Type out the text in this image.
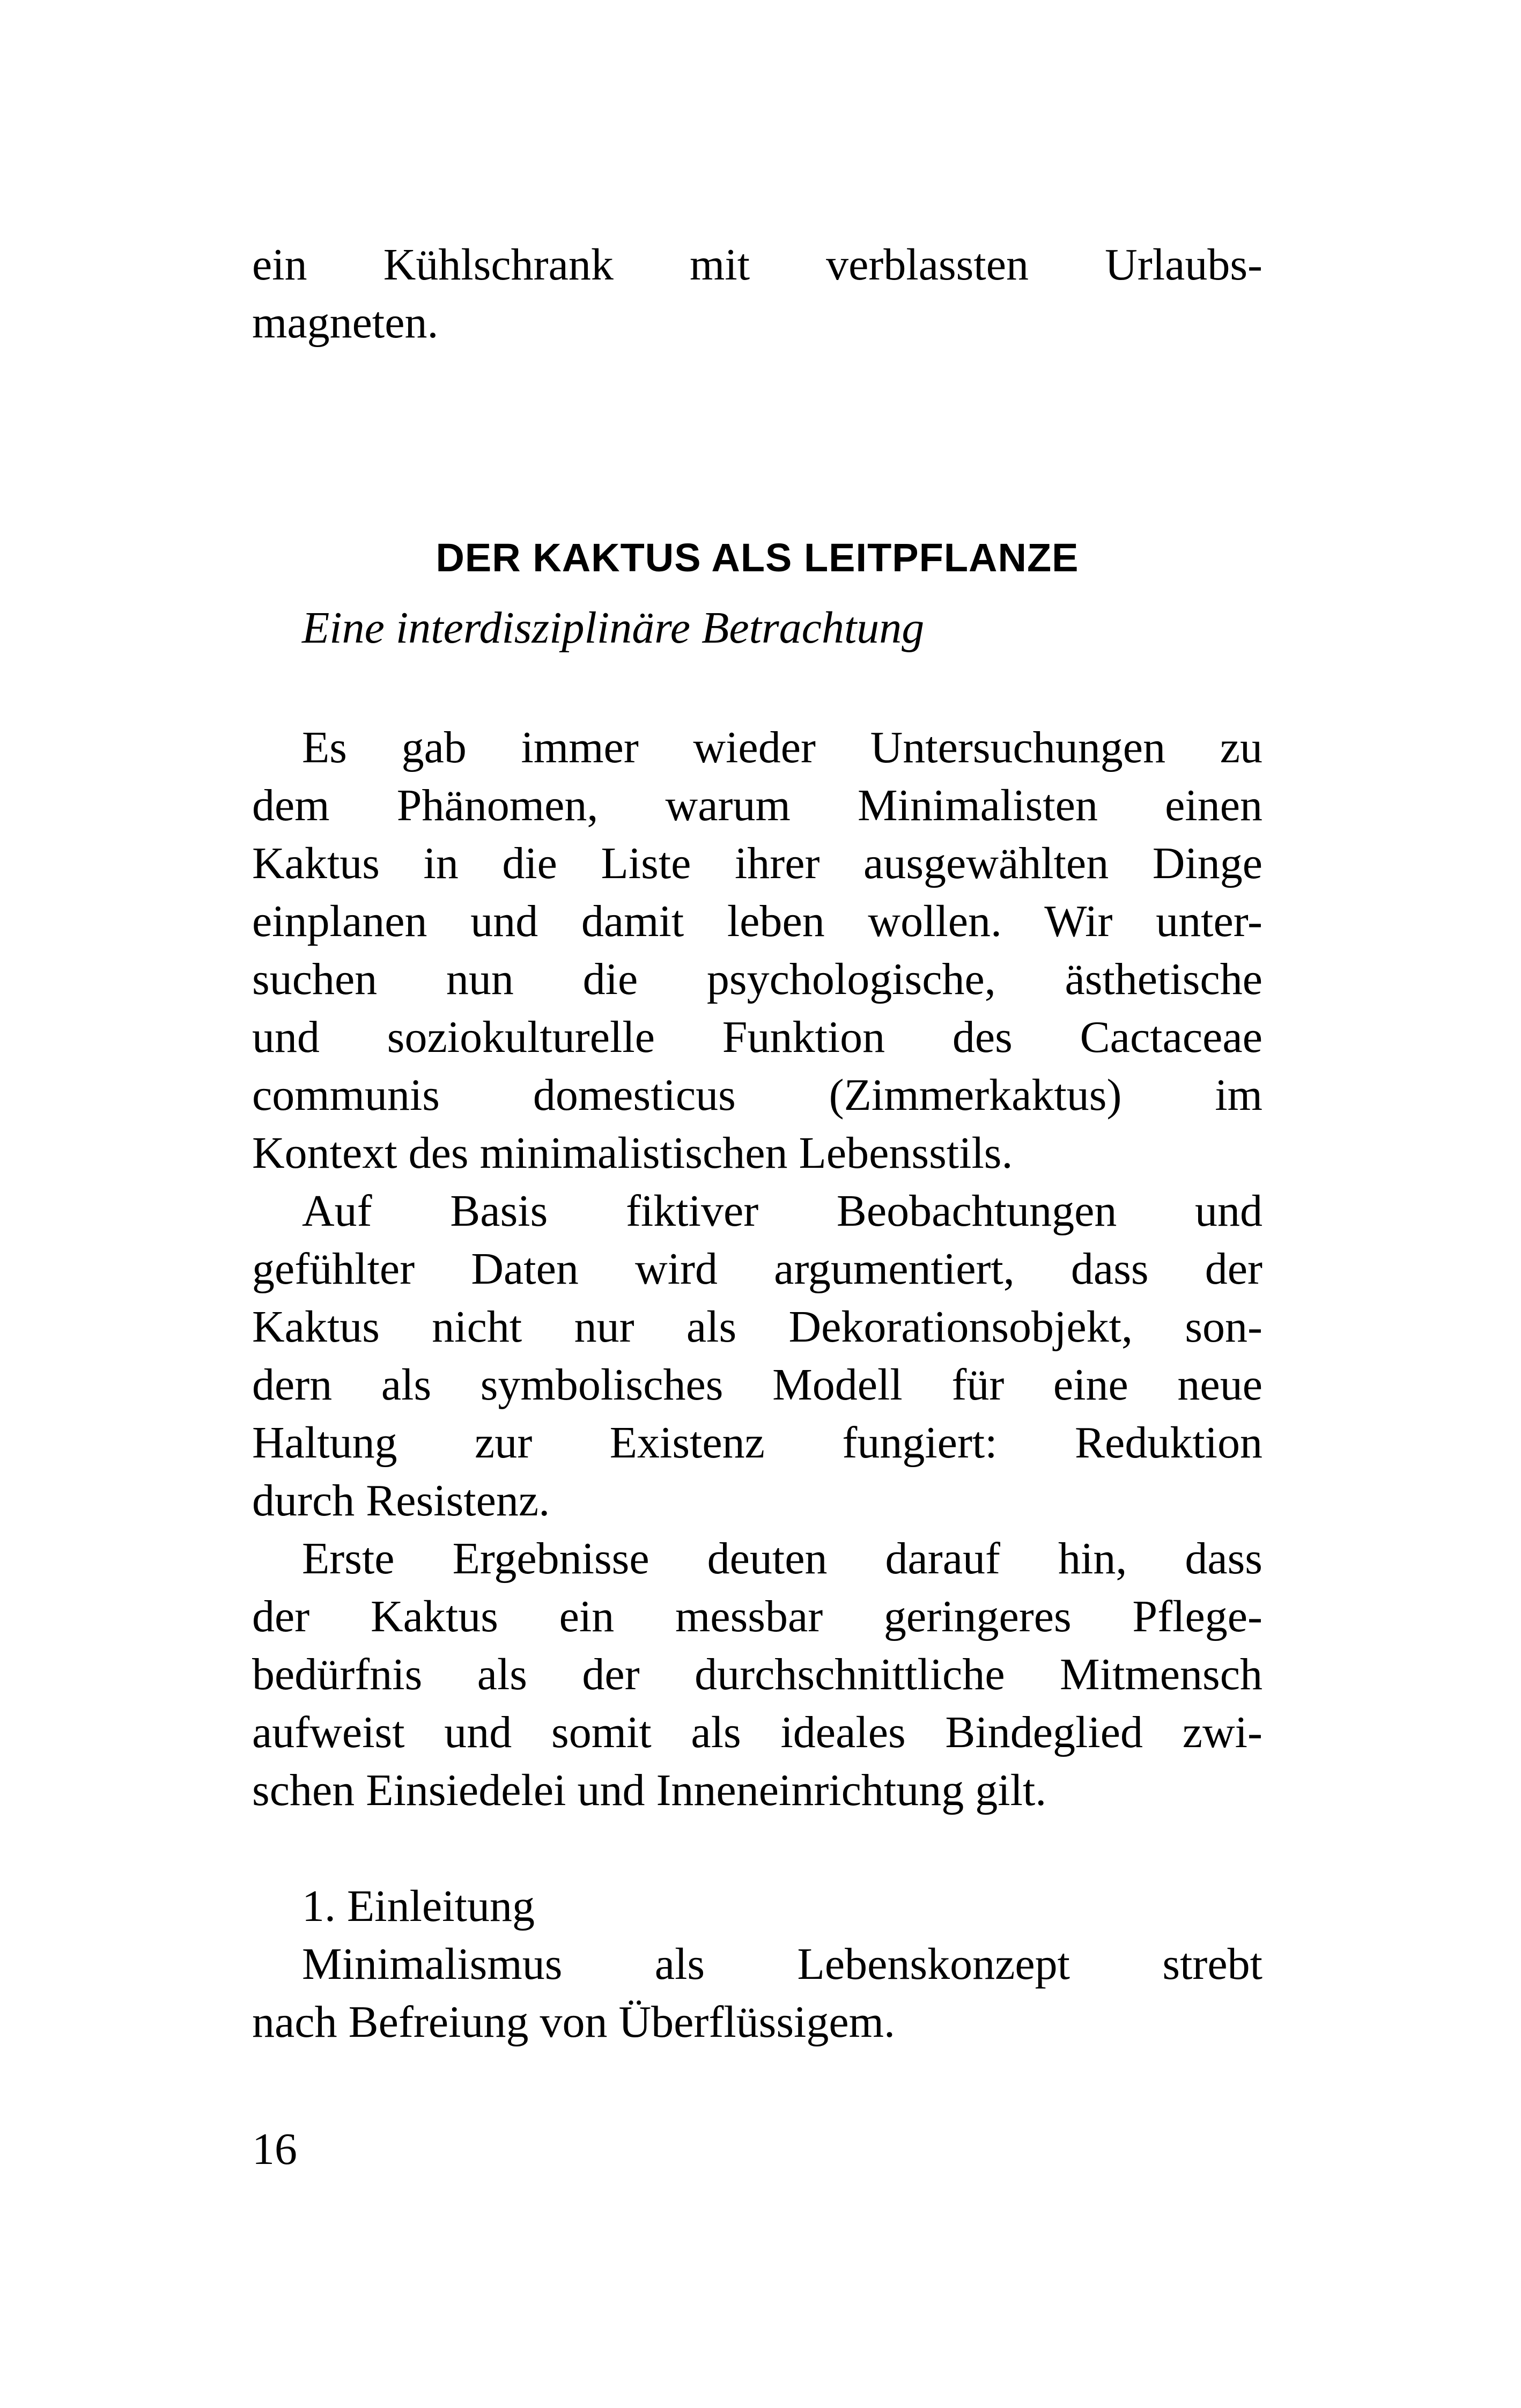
ein Kühlschrank mit verblassten Urlaubs-

magneten.

DER KAKTUS ALS LEITPFLANZE

Eine interdisziplinäre Betrachtung

Es gab immer wieder Untersuchungen zu

dem Phänomen, warum Minimalisten einen

Kaktus in die Liste ihrer ausgewählten Dinge

einplanen und damit leben wollen. Wir unter-

suchen nun die psychologische, ästhetische

und soziokulturelle Funktion des Cactaceae

communis domesticus (Zimmerkaktus) im

Kontext des minimalistischen Lebensstils.

Auf Basis fiktiver Beobachtungen und

gefühlter Daten wird argumentiert, dass der

Kaktus nicht nur als Dekorationsobjekt, son-

dern als symbolisches Modell für eine neue

Haltung zur Existenz fungiert: Reduktion

durch Resistenz.

Erste Ergebnisse deuten darauf hin, dass

der Kaktus ein messbar geringeres Pflege-

bedürfnis als der durchschnittliche Mitmensch

aufweist und somit als ideales Bindeglied zwi-

schen Einsiedelei und Inneneinrichtung gilt.

1. Einleitung

Minimalismus als Lebenskonzept strebt

nach Befreiung von Überflüssigem.

16
